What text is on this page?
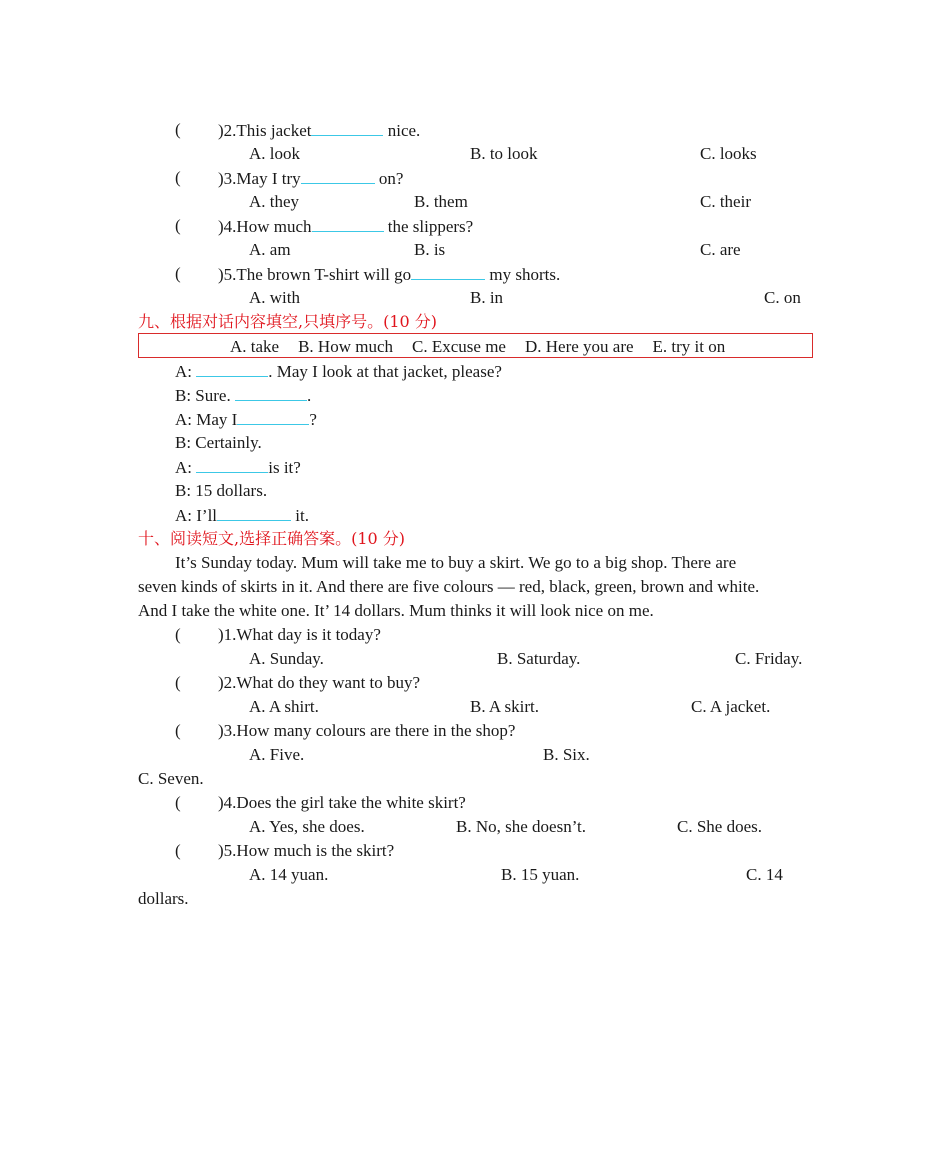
( )2.This jacket	nice.
A. look	B. to look	C. looks
( )3.May I try	on?
A. they	B. them	C. their
( )4.How much	the slippers?
A. am	B. is	C. are
( )5.The brown T-shirt will go	my shorts.
A. with	B. in	C. on
九、根据对话内容填空,只填序号。(10 分)
A. take B. How much C. Excuse me D. Here you are E. try it on
A:	. May I look at that jacket, please?
B: Sure.	.
A: May I	?
B: Certainly.
A:	is it?
B: 15 dollars.
A: I’ll	it.
十、阅读短文,选择正确答案。(10 分)
It’s Sunday today. Mum will take me to buy a skirt. We go to a big shop. There are
seven kinds of skirts in it. And there are five colours — red, black, green, brown and white.
And I take the white one. It’ 14 dollars. Mum thinks it will look nice on me.
( )1.What day is it today?
A. Sunday.	B. Saturday.	C. Friday.
( )2.What do they want to buy?
A. A shirt.	B. A skirt.	C. A jacket.
( )3.How many colours are there in the shop?
A. Five.	B. Six.
C. Seven.
( )4.Does the girl take the white skirt?
A. Yes, she does.	B. No, she doesn’t.	C. She does.
( )5.How much is the skirt?
A. 14 yuan.	B. 15 yuan.	C. 14
dollars.
